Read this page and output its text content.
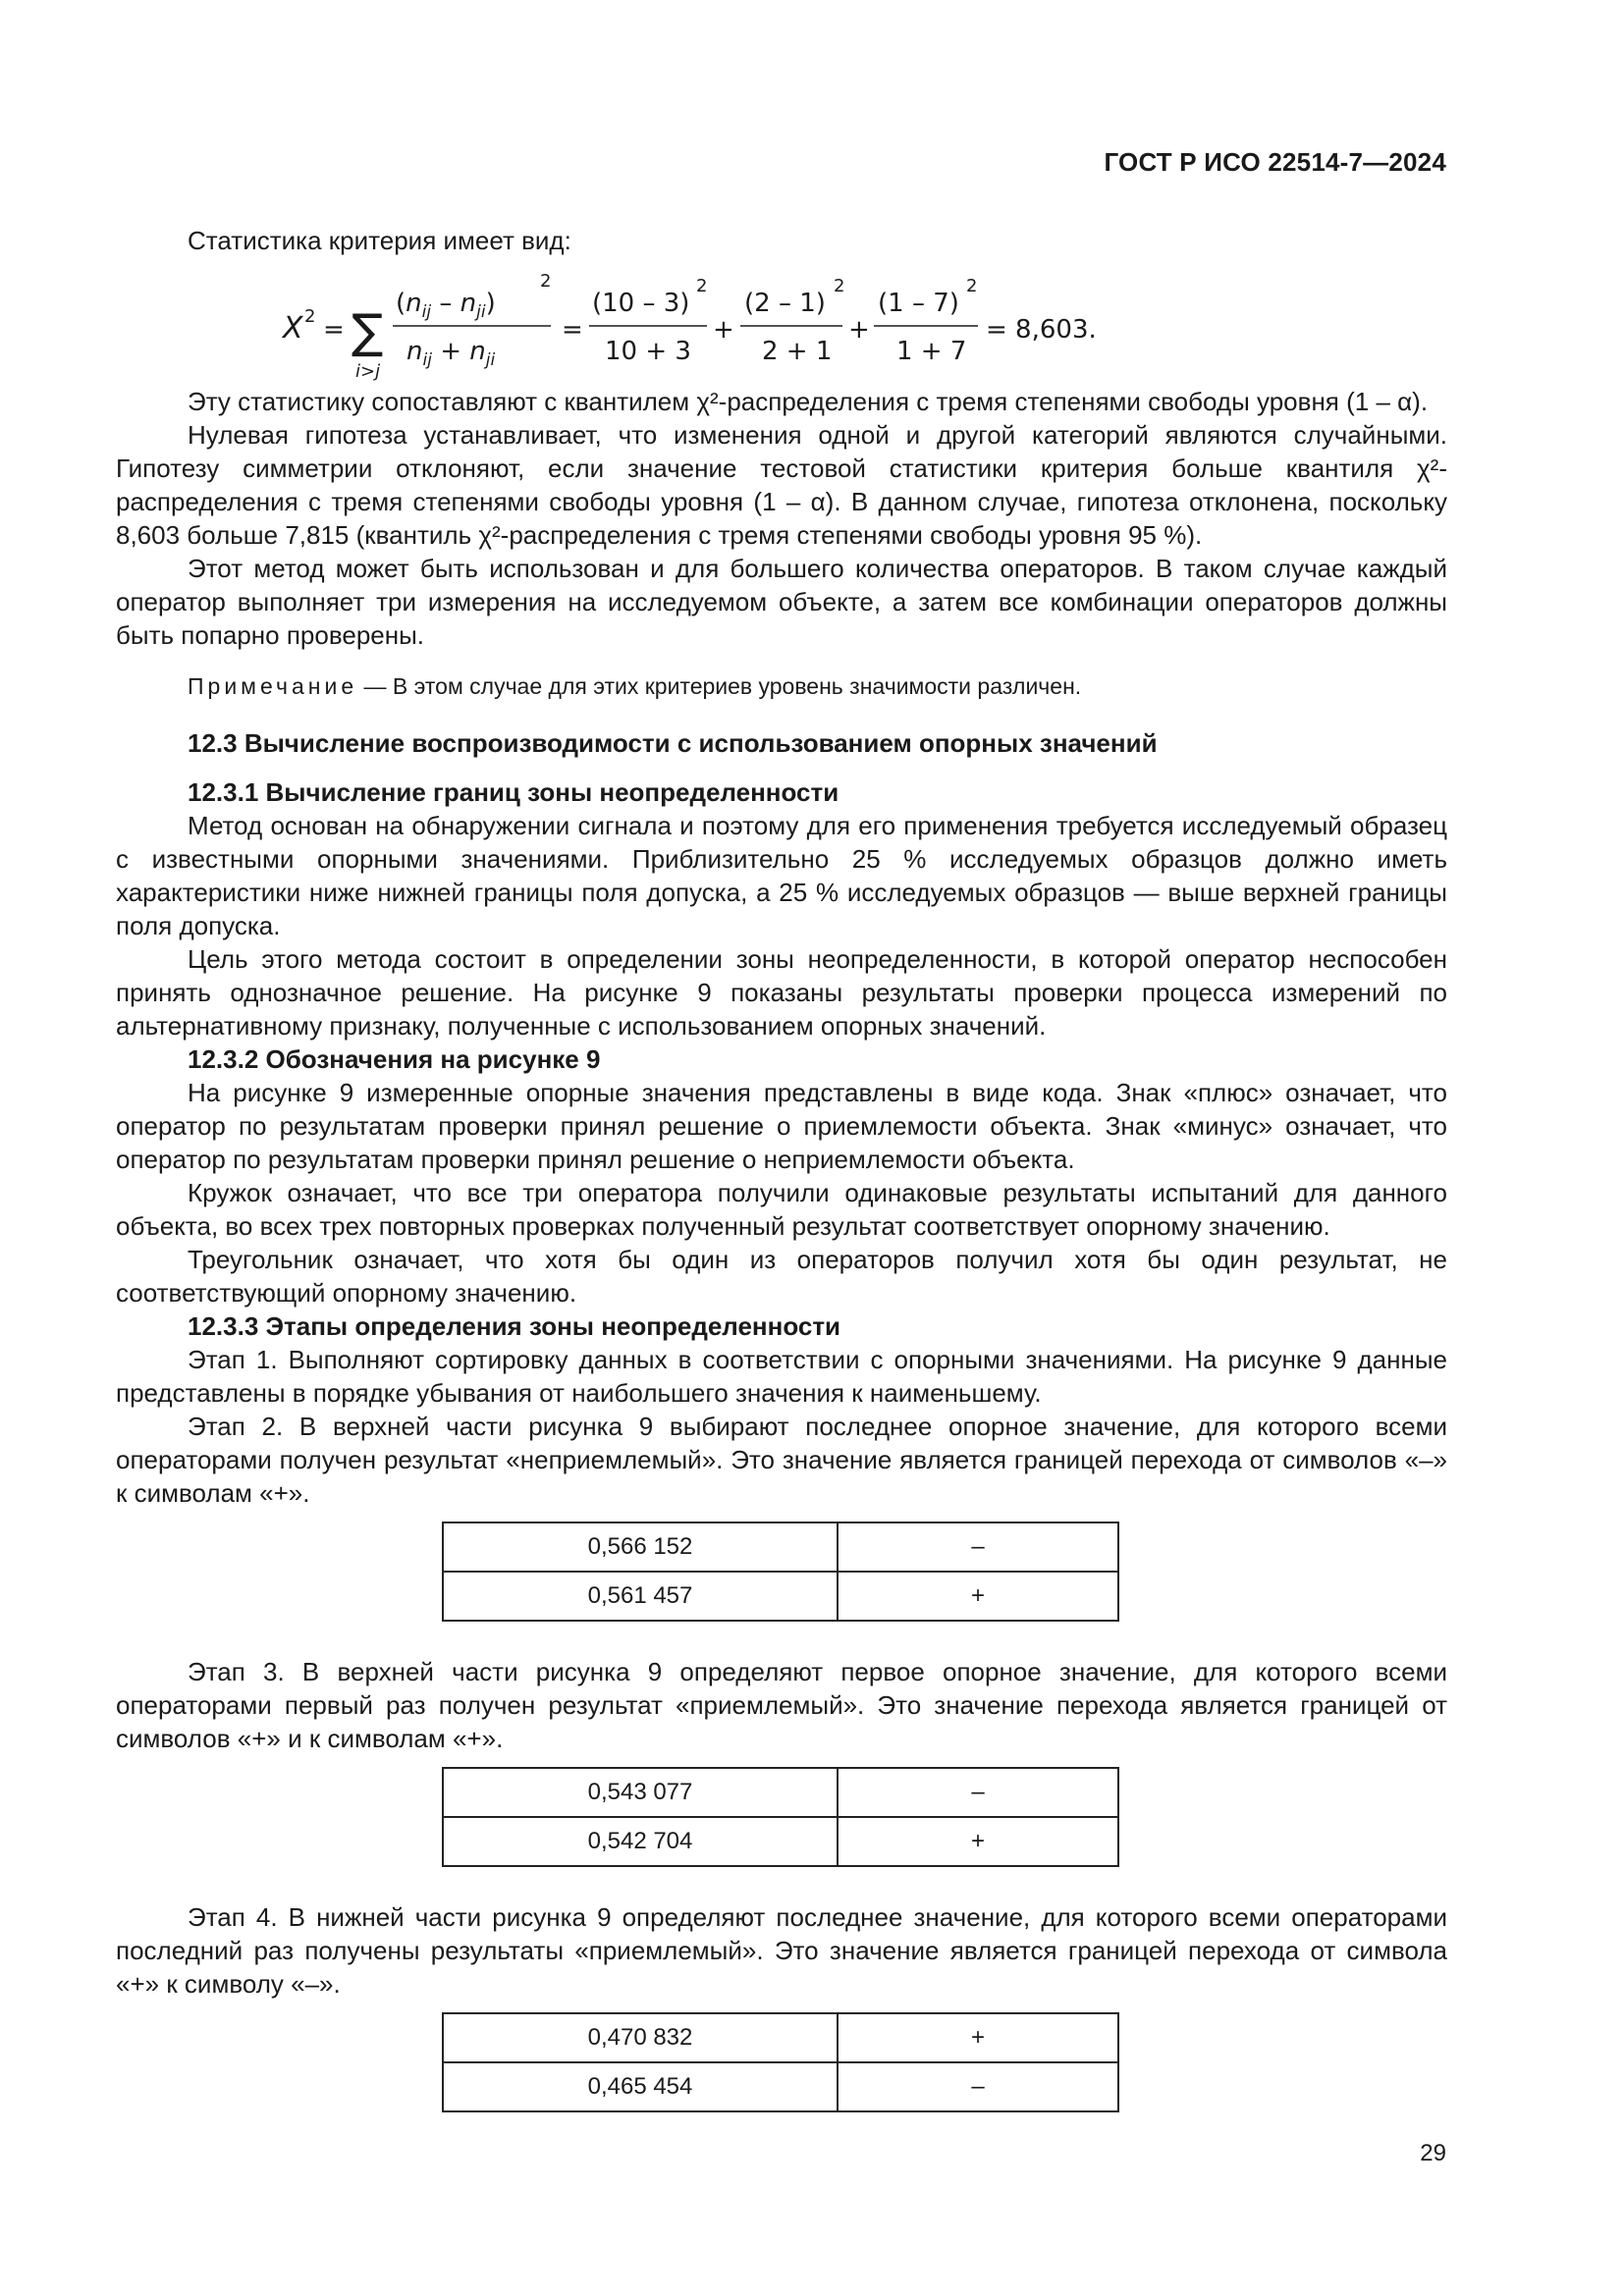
ГОСТ Р ИСО 22514-7—2024

Статистика критерия имеет вид:

X 2 = ∑
i>j
$(n_{ij} - n_{ji})$
2
$n_{ij} + n_{ji}$
=
(10 – 3)
2
10 + 3
+
(2 – 1)
2
2 + 1
+
(1 – 7)
2
1 + 7
= 8,603.

Эту статистику сопоставляют с квантилем χ²-распределения с тремя степенями свободы уровня (1 – α).

Нулевая гипотеза устанавливает, что изменения одной и другой категорий являются случайными. Гипотезу симметрии отклоняют, если значение тестовой статистики критерия больше квантиля χ²-распределения с тремя степенями свободы уровня (1 – α). В данном случае, гипотеза отклонена, поскольку 8,603 больше 7,815 (квантиль χ²-распределения с тремя степенями свободы уровня 95 %).

Этот метод может быть использован и для большего количества операторов. В таком случае каждый оператор выполняет три измерения на исследуемом объекте, а затем все комбинации операторов должны быть попарно проверены.

Примечание — В этом случае для этих критериев уровень значимости различен.
12.3 Вычисление воспроизводимости с использованием опорных значений
12.3.1 Вычисление границ зоны неопределенности

Метод основан на обнаружении сигнала и поэтому для его применения требуется исследуемый образец с известными опорными значениями. Приблизительно 25 % исследуемых образцов должно иметь характеристики ниже нижней границы поля допуска, а 25 % исследуемых образцов — выше верхней границы поля допуска.

Цель этого метода состоит в определении зоны неопределенности, в которой оператор неспособен принять однозначное решение. На рисунке 9 показаны результаты проверки процесса измерений по альтернативному признаку, полученные с использованием опорных значений.

12.3.2 Обозначения на рисунке 9

На рисунке 9 измеренные опорные значения представлены в виде кода. Знак «плюс» означает, что оператор по результатам проверки принял решение о приемлемости объекта. Знак «минус» означает, что оператор по результатам проверки принял решение о неприемлемости объекта.

Кружок означает, что все три оператора получили одинаковые результаты испытаний для данного объекта, во всех трех повторных проверках полученный результат соответствует опорному значению.

Треугольник означает, что хотя бы один из операторов получил хотя бы один результат, не соответствующий опорному значению.

12.3.3 Этапы определения зоны неопределенности

Этап 1. Выполняют сортировку данных в соответствии с опорными значениями. На рисунке 9 данные представлены в порядке убывания от наибольшего значения к наименьшему.

Этап 2. В верхней части рисунка 9 выбирают последнее опорное значение, для которого всеми операторами получен результат «неприемлемый». Это значение является границей перехода от символов «–» к символам «+».

0,566 152	–
0,561 457	+

Этап 3. В верхней части рисунка 9 определяют первое опорное значение, для которого всеми операторами первый раз получен результат «приемлемый». Это значение перехода является границей от символов «+» и к символам «+».

0,543 077	–
0,542 704	+

Этап 4. В нижней части рисунка 9 определяют последнее значение, для которого всеми операторами последний раз получены результаты «приемлемый». Это значение является границей перехода от символа «+» к символу «–».

0,470 832	+
0,465 454	–
29
